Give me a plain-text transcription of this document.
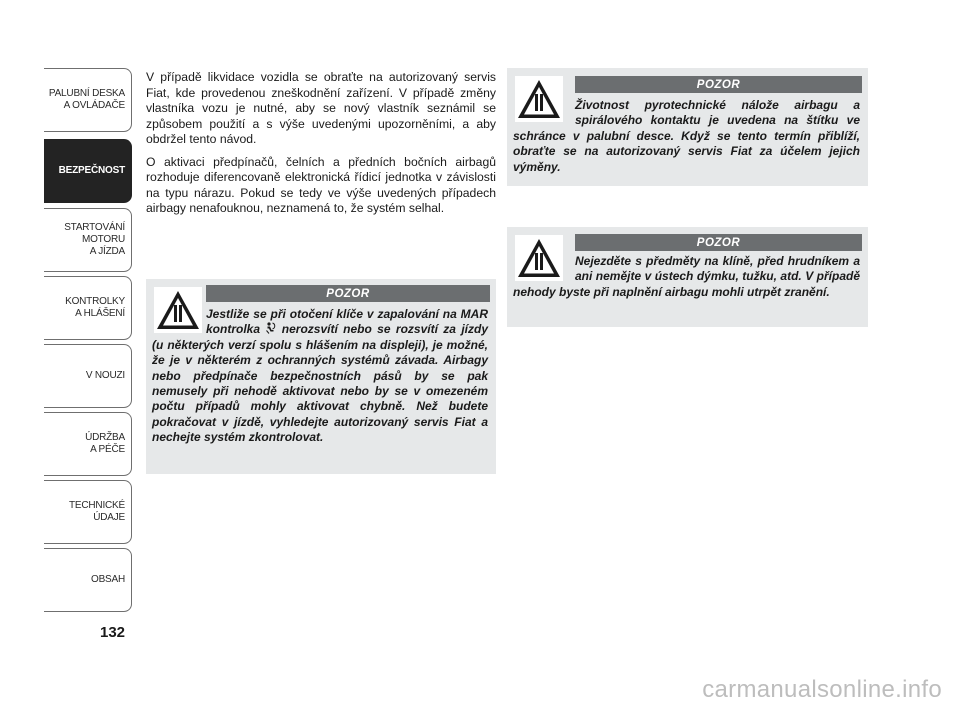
PALUBNÍ DESKA
A OVLÁDAČE
BEZPEČNOST
STARTOVÁNÍ
MOTORU
A JÍZDA
KONTROLKY
A HLÁŠENÍ
V NOUZI
ÚDRŽBA
A PÉČE
TECHNICKÉ
ÚDAJE
OBSAH
132

V případě likvidace vozidla se obraťte na autorizovaný servis Fiat, kde provedenou zneškodnění zařízení. V případě změny vlastníka vozu je nutné, aby se nový vlastník seznámil se způsobem použití a s výše uvedenými upozorněními, a aby obdržel tento návod.

O aktivaci předpínačů, čelních a předních bočních airbagů rozhoduje diferencovaně elektronická řídicí jednotka v závislosti na typu nárazu. Pokud se tedy ve výše uvedených případech airbagy nenafouknou, neznamená to, že systém selhal.

POZOR
Životnost pyrotechnické nálože airbagu a spirálového kontaktu je uvedena na štítku ve schránce v palubní desce. Když se tento termín přiblíží, obraťte se na autorizovaný servis Fiat za účelem jejich výměny.
POZOR
Nejezděte s předměty na klíně, před hrudníkem a ani nemějte v ústech dýmku, tužku, atd. V případě nehody byste při naplnění airbagu mohli utrpět zranění.
POZOR
Jestliže se při otočení klíče v zapalování na MAR kontrolka nerozsvítí nebo se rozsvítí za jízdy (u některých verzí spolu s hlášením na displeji), je možné, že je v některém z ochranných systémů závada. Airbagy nebo předpínače bezpečnostních pásů by se pak nemusely při nehodě aktivovat nebo by se v omezeném počtu případů mohly aktivovat chybně. Než budete pokračovat v jízdě, vyhledejte autorizovaný servis Fiat a nechejte systém zkontrolovat.
carmanualsonline.info
